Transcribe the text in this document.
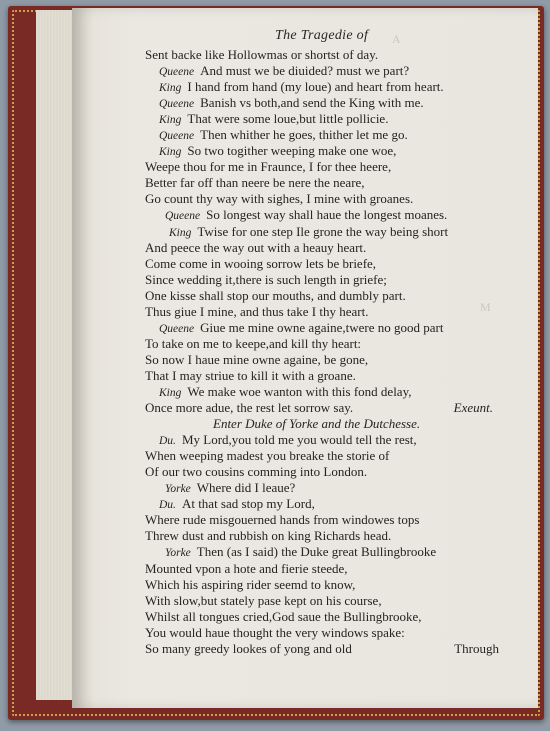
The Tragedie of A
M
Sent backe like Hollowmas or shortst of day.
Queene And must we be diuided? must we part?
King I hand from hand (my loue) and heart from heart.
Queene Banish vs both,and send the King with me.
King That were some loue,but little pollicie.
Queene Then whither he goes, thither let me go.
King So two togither weeping make one woe,
Weepe thou for me in Fraunce, I for thee heere,
Better far off than neere be nere the neare,
Go count thy way with sighes, I mine with groanes.
Queene So longest way shall haue the longest moanes.
King Twise for one step Ile grone the way being short
And peece the way out with a heauy heart.
Come come in wooing sorrow lets be briefe,
Since wedding it,there is such length in griefe;
One kisse shall stop our mouths, and dumbly part.
Thus giue I mine, and thus take I thy heart.
Queene Giue me mine owne againe,twere no good part
To take on me to keepe,and kill thy heart:
So now I haue mine owne againe, be gone,
That I may striue to kill it with a groane.
King We make woe wanton with this fond delay,
Once more adue, the rest let sorrow say.	Exeunt.
Enter Duke of Yorke and the Dutchesse.
Du. My Lord,you told me you would tell the rest,
When weeping madest you breake the storie of
Of our two cousins comming into London.
Yorke Where did I leaue?
Du. At that sad stop my Lord,
Where rude misgouerned hands from windowes tops
Threw dust and rubbish on king Richards head.
Yorke Then (as I said) the Duke great Bullingbrooke
Mounted vpon a hote and fierie steede,
Which his aspiring rider seemd to know,
With slow,but stately pase kept on his course,
Whilst all tongues cried,God saue the Bullingbrooke,
You would haue thought the very windows spake:
So many greedy lookes of yong and old	Through
